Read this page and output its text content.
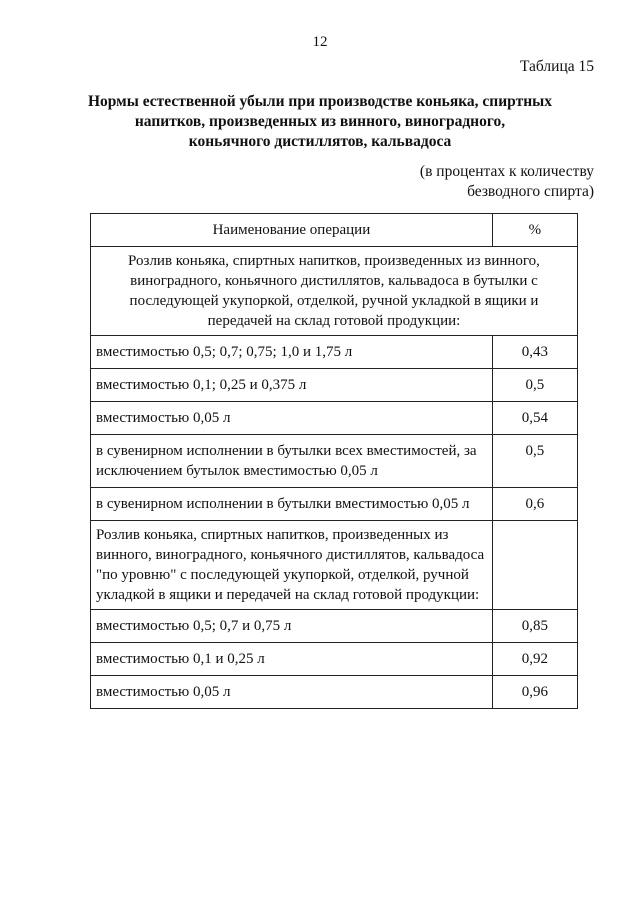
12
Таблица 15
Нормы естественной убыли при производстве коньяка, спиртных
напитков, произведенных из винного, виноградного,
коньячного дистиллятов, кальвадоса
(в процентах к количеству
безводного спирта)
Наименование операции	%
Розлив коньяка, спиртных напитков, произведенных из винного, виноградного, коньячного дистиллятов, кальвадоса в бутылки с последующей укупоркой, отделкой, ручной укладкой в ящики и передачей на склад готовой продукции:	
вместимостью 0,5; 0,7; 0,75; 1,0 и 1,75 л	0,43
вместимостью 0,1; 0,25 и 0,375 л	0,5
вместимостью 0,05 л	0,54
в сувенирном исполнении в бутылки всех вместимостей, за исключением бутылок вместимостью 0,05 л	0,5
в сувенирном исполнении в бутылки вместимостью 0,05 л	0,6
Розлив коньяка, спиртных напитков, произведенных из винного, виноградного, коньячного дистиллятов, кальвадоса "по уровню" с последующей укупоркой, отделкой, ручной укладкой в ящики и передачей на склад готовой продукции:	
вместимостью 0,5; 0,7 и 0,75 л	0,85
вместимостью 0,1 и 0,25 л	0,92
вместимостью 0,05 л	0,96
